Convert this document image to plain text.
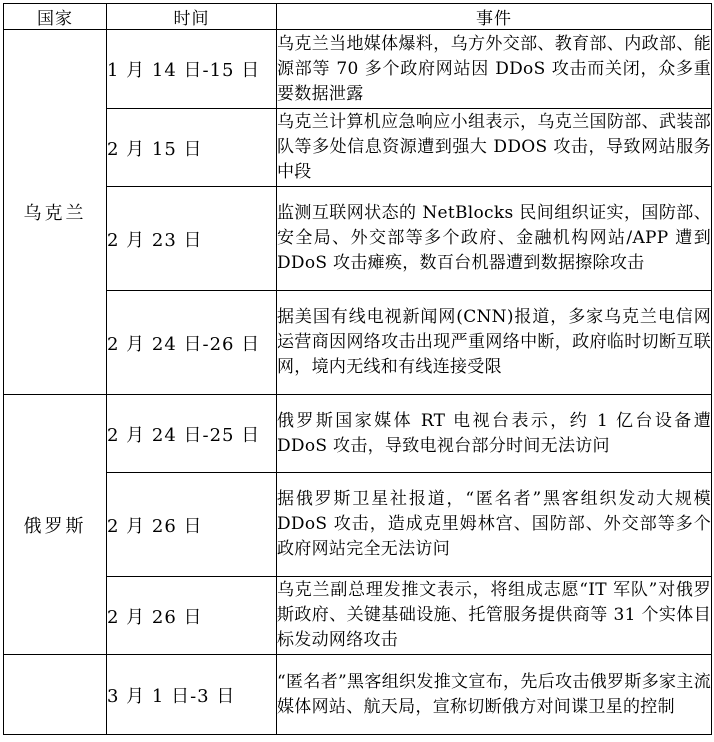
国家	时间	事件
乌克兰	1 月 14 日-15 日	乌克兰当地媒体爆料，乌方外交部、教育部、内政部、能源部等 70 多个政府网站因 DDoS 攻击而关闭，众多重要数据泄露
	2 月 15 日	乌克兰计算机应急响应小组表示，乌克兰国防部、武装部队等多处信息资源遭到强大 DDOS 攻击，导致网站服务中段
	2 月 23 日	监测互联网状态的 NetBlocks 民间组织证实，国防部、安全局、外交部等多个政府、金融机构网站/APP 遭到 DDoS 攻击瘫痪，数百台机器遭到数据擦除攻击
	2 月 24 日-26 日	据美国有线电视新闻网(CNN)报道，多家乌克兰电信网运营商因网络攻击出现严重网络中断，政府临时切断互联网，境内无线和有线连接受限
俄罗斯	2 月 24 日-25 日	俄罗斯国家媒体 RT 电视台表示，约 1 亿台设备遭 DDoS 攻击，导致电视台部分时间无法访问
	2 月 26 日	据俄罗斯卫星社报道，“匿名者”黑客组织发动大规模 DDoS 攻击，造成克里姆林宫、国防部、外交部等多个政府网站完全无法访问
	2 月 26 日	乌克兰副总理发推文表示，将组成志愿“IT 军队”对俄罗斯政府、关键基础设施、托管服务提供商等 31 个实体目标发动网络攻击
	3 月 1 日-3 日	“匿名者”黑客组织发推文宣布，先后攻击俄罗斯多家主流媒体网站、航天局，宣称切断俄方对间谍卫星的控制
